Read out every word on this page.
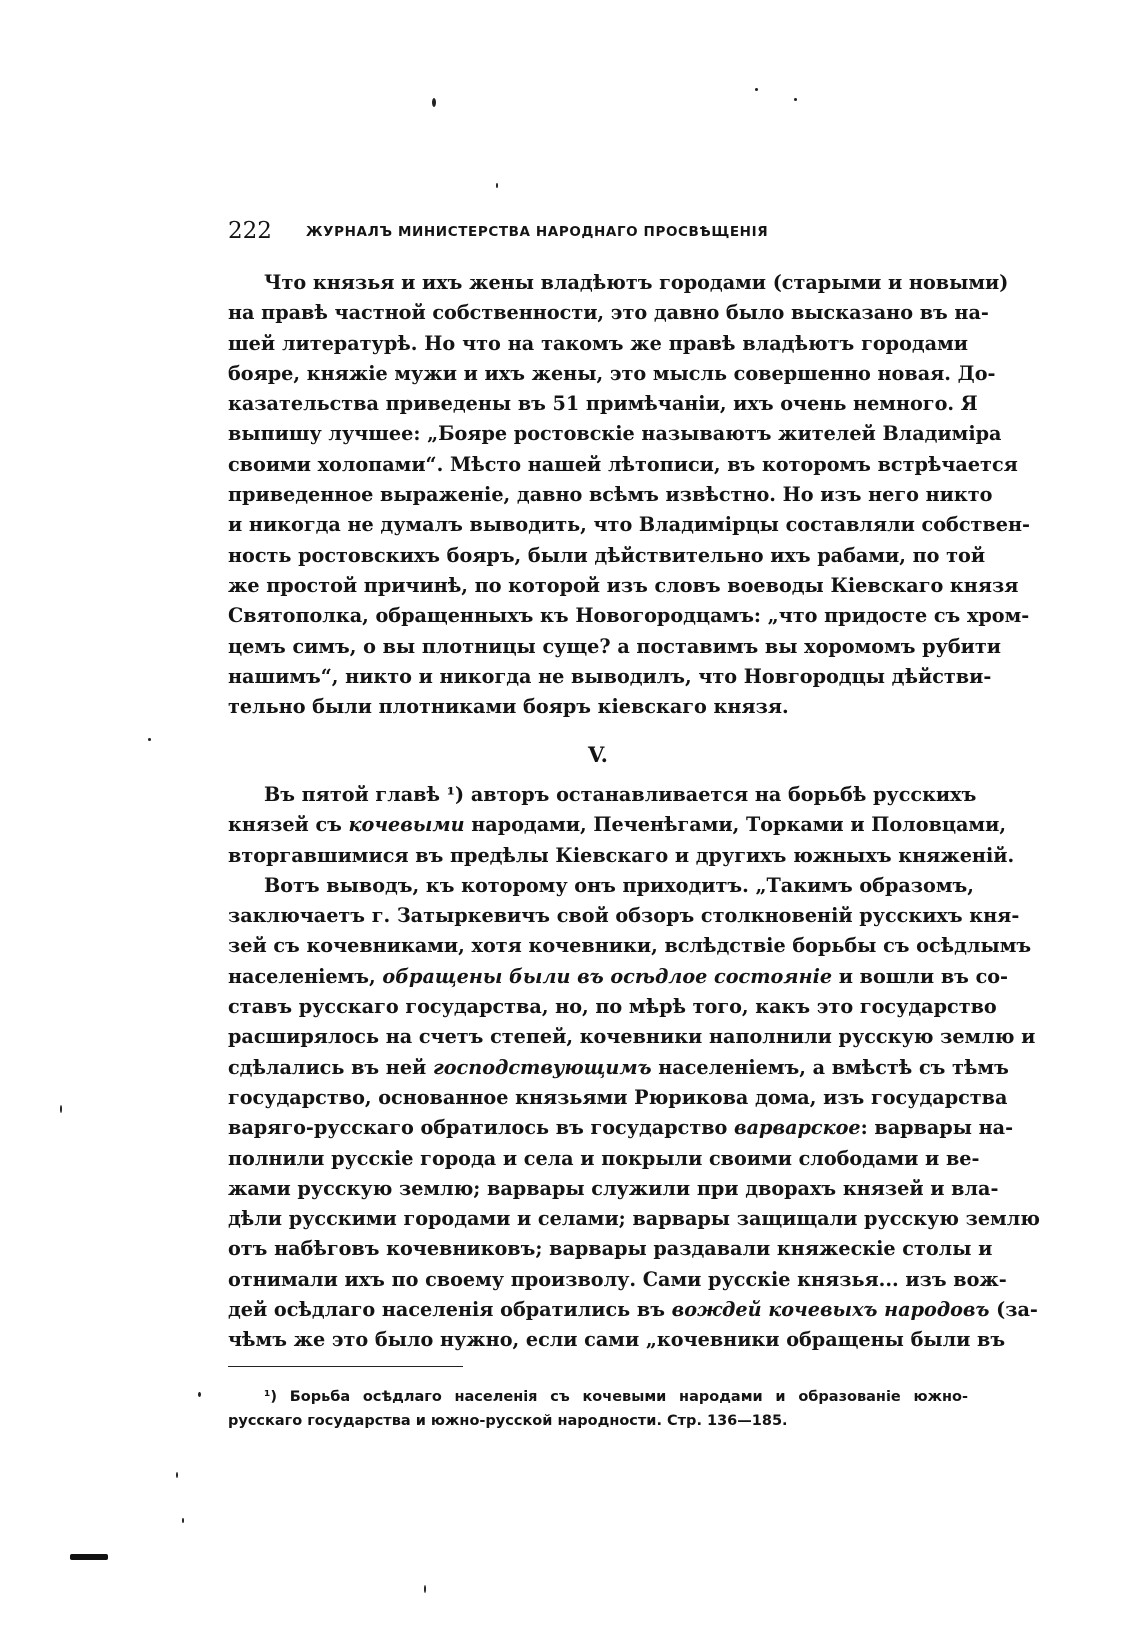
222	ЖУРНАЛЪ МИНИСТЕРСТВА НАРОДНАГО ПРОСВѢЩЕНІЯ
Что князья и ихъ жены владѣютъ городами (старыми и новыми)
на правѣ частной собственности, это давно было высказано въ на-
шей литературѣ. Но что на такомъ же правѣ владѣютъ городами
бояре, княжіе мужи и ихъ жены, это мысль совершенно новая. До-
казательства приведены въ 51 примѣчаніи, ихъ очень немного. Я
выпишу лучшее: „Бояре ростовскіе называютъ жителей Владиміра
своими холопами“. Мѣсто нашей лѣтописи, въ которомъ встрѣчается
приведенное выраженіе, давно всѣмъ извѣстно. Но изъ него никто
и никогда не думалъ выводить, что Владимірцы составляли собствен-
ность ростовскихъ бояръ, были дѣйствительно ихъ рабами, по той
же простой причинѣ, по которой изъ словъ воеводы Кіевскаго князя
Святополка, обращенныхъ къ Новогородцамъ: „что придосте съ хром-
цемъ симъ, о вы плотницы суще? а поставимъ вы хоромомъ рубити
нашимъ“, никто и никогда не выводилъ, что Новгородцы дѣйстви-
тельно были плотниками бояръ кіевскаго князя.
V.
Въ пятой главѣ ¹) авторъ останавливается на борьбѣ русскихъ
князей съ кочевыми народами, Печенѣгами, Торками и Половцами,
вторгавшимися въ предѣлы Кіевскаго и другихъ южныхъ княженій.
Вотъ выводъ, къ которому онъ приходитъ. „Такимъ образомъ,
заключаетъ г. Затыркевичъ свой обзоръ столкновеній русскихъ кня-
зей съ кочевниками, хотя кочевники, вслѣдствіе борьбы съ осѣдлымъ
населеніемъ, обращены были въ осѣдлое состояніе и вошли въ со-
ставъ русскаго государства, но, по мѣрѣ того, какъ это государство
расширялось на счетъ степей, кочевники наполнили русскую землю и
сдѣлались въ ней господствующимъ населеніемъ, а вмѣстѣ съ тѣмъ
государство, основанное князьями Рюрикова дома, изъ государства
варяго-русскаго обратилось въ государство варварское: варвары на-
полнили русскіе города и села и покрыли своими слободами и ве-
жами русскую землю; варвары служили при дворахъ князей и вла-
дѣли русскими городами и селами; варвары защищали русскую землю
отъ набѣговъ кочевниковъ; варвары раздавали княжескіе столы и
отнимали ихъ по своему произволу. Сами русскіе князья... изъ вож-
дей осѣдлаго населенія обратились въ вождей кочевыхъ народовъ (за-
чѣмъ же это было нужно, если сами „кочевники обращены были въ
¹) Борьба осѣдлаго населенія съ кочевыми народами и образованіе южно-
русскаго государства и южно-русской народности. Стр. 136—185.
